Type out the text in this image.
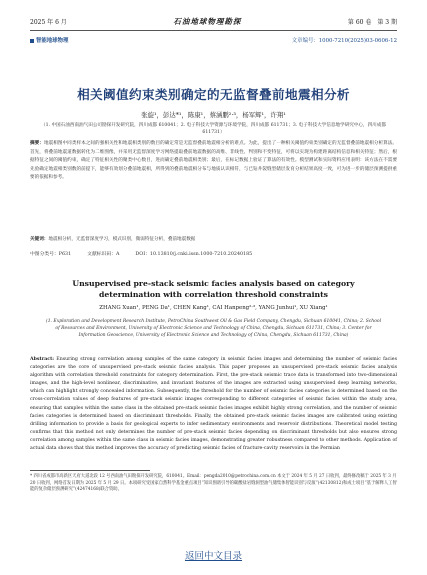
2025 年 6 月	石油地球物理勘探	第 60 卷　第 3 期
智能地球物理	文章编号：1000-7210(2025)03-0606-12
相关阈值约束类别确定的无监督叠前地震相分析
张旋¹，彭达*¹，陈康¹，蔡涵鹏²·³，杨军辉¹，许翔¹
（1. 中国石油西南油气田公司勘探开发研究院，四川成都 610041；2. 电子科技大学资源与环境学院，四川成都 611731；3. 电子科技大学信息地学研究中心，四川成都 611731）
摘要：地震相图中同类样本之间的强相关性和地震相类别的数目的确定常是无监督叠前地震相分析的难点。为此，提出了一种相关阈值约束类别确定的无监督叠前地震相分析算法。首先，将叠前地震道数据转化为二维图像，并采用无监督深度学习网络提取叠前地震数据的高维、非线性、判别和不变特征，可将以实现为构建距离结构信息和相关特征；然后，根据特征之间的阈值约束，确定了特征相关性的聚类中心数目，进而确定叠前地震相类别；最后，在标记数据上验证了算法的有效性。模型测试和实际资料应用表明：该方法在不需要先验确定地震相类别数的前提下，能够有效划分叠前地震相，所得到的叠前地震相分布与地质认识相符，与已钻井裂缝型储层发育分析结果高度一致，可为进一步的储层预测提供重要的依据和参考。
关键词：地震相分析，无监督深度学习，模式识别，微弱特征分析，叠前地震数据
中图分类号：P631	文献标识码：A	DOI：10.13810/j.cnki.issn.1000-7210.20240185
Unsupervised pre-stack seismic facies analysis based on category determination with correlation threshold constraints
ZHANG Xuan¹, PENG Da¹, CHEN Kang¹, CAI Hanpeng²·³, YANG Junhui¹, XU Xiang¹
(1. Exploration and Development Research Institute, PetroChina Southwest Oil & Gas Field Company, Chengdu, Sichuan 610041, China; 2. School of Resources and Environment, University of Electronic Science and Technology of China, Chengdu, Sichuan 611731, China; 3. Center for Information Geoscience, University of Electronic Science and Technology of China, Chengdu, Sichuan 611731, China)
Abstract: Ensuring strong correlation among samples of the same category in seismic facies images and determining the number of seismic facies categories are the core of unsupervised pre-stack seismic facies analysis. This paper proposes an unsupervised pre-stack seismic facies analysis algorithm with correlation threshold constraints for category determination. First, the pre-stack seismic trace data is transformed into two-dimensional images, and the high-level nonlinear, discriminative, and invariant features of the images are extracted using unsupervised deep learning networks, which can highlight strongly concealed information. Subsequently, the threshold for the number of seismic facies categories is determined based on the cross-correlation values of deep features of pre-stack seismic images corresponding to different categories of seismic facies within the study area, ensuring that samples within the same class in the obtained pre-stack seismic facies images exhibit highly strong correlation, and the number of seismic facies categories is determined based on discriminant thresholds. Finally, the obtained pre-stack seismic facies images are calibrated using existing drilling information to provide a basis for geological experts to infer sedimentary environments and reservoir distributions. Theoretical model testing confirms that this method not only determines the number of pre-stack seismic facies depending on discriminant thresholds but also ensures strong correlation among samples within the same class in seismic facies images, demonstrating greater robustness compared to other methods. Application of actual data shows that this method improves the accuracy of predicting seismic facies of fracture-cavity reservoirs in the Permian
* 四川省成都市高新区天府大道北段 12 号西南油气田勘探开发研究院，610041。Email：pengda2010@petrochina.com.cn 本文于 2024 年 5 月 27 日收到，最终修改稿于 2025 年 3 月 20 日收到，网络首发日期为 2025 年 5 月 29 日。本项研究受国家自然科学基金重点项目“知识图谱引导的碳酸盐岩缝洞型油气储集体智能识别与反演”(42130812)和成士项目“基于解释人工智能的复杂储层预测研究”(42474168)联合资助。
返回中文目录
